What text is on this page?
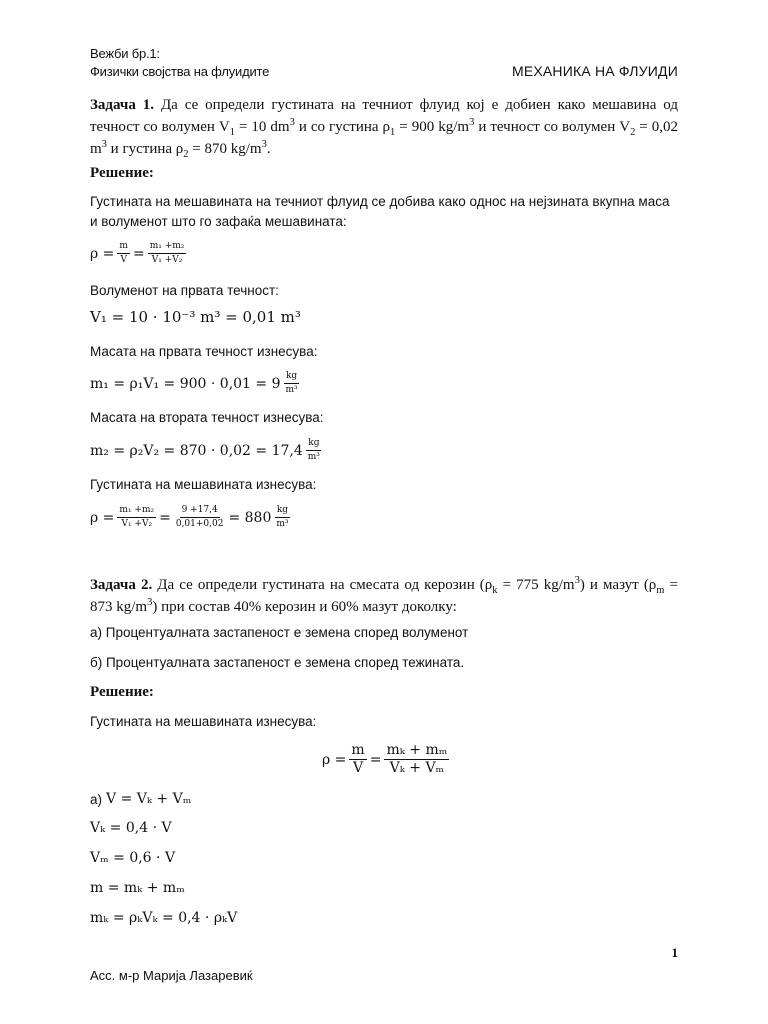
Вежби бр.1:
Физички својства на флуидите	МЕХАНИКА НА ФЛУИДИ
Задача 1. Да се определи густината на течниот флуид кој е добиен како мешавина од течност со волумен $V_1 = 10$ $dm^3$ и со густина $\rho_1 = 900$ $kg/m^3$ и течност со волумен $V_2 = 0,02$ $m^3$ и густина $\rho_2 = 870$ $kg/m^3$.
Решение:
Густината на мешавината на течниот флуид се добива како однос на нејзината вкупна маса и волуменот што го зафаќа мешавината:
$\rho = \frac{m}{V} = \frac{\text{m₁ +m₂}}{\text{V₁ +V₂}}$
Волуменот на првата течност:
V₁ = 10 · 10⁻³ m³ = 0,01 m³
Масата на првата течност изнесува:
$m_1 = \rho_1V_1 = 900 \cdot 0,01 = 9 \frac{kg}{\text{m³}}$
Масата на втората течност изнесува:
$m_2 = \rho_2V_2 = 870 \cdot 0,02 = 17,4 \frac{kg}{\text{m³}}$
Густината на мешавината изнесува:
$\rho = \frac{\text{m₁ +m₂}}{\text{V₁ +V₂}} = \frac{9 +17,4}{0,01+0,02} = 880 \frac{kg}{\text{m³}}$
Задача 2. Да се определи густината на смесата од керозин ($\rho_k = 775$ $kg/m^3$) и мазут ($\rho_m = 873$ $kg/m^3$) при состав 40% керозин и 60% мазут доколку:
а) Процентуалната застапеност е земена според волуменот
б) Процентуалната застапеност е земена според тежината.
Решение:
Густината на мешавината изнесува:
$\rho = \frac{m}{V} = \frac{\text{mₖ + mₘ}}{\text{Vₖ + Vₘ}}$
а) V = Vₖ + Vₘ
Vₖ = 0,4 · V
Vₘ = 0,6 · V
m = mₖ + mₘ
mₖ = ρₖVₖ = 0,4 · ρₖV
1
Асс. м-р Марија Лазаревиќ
